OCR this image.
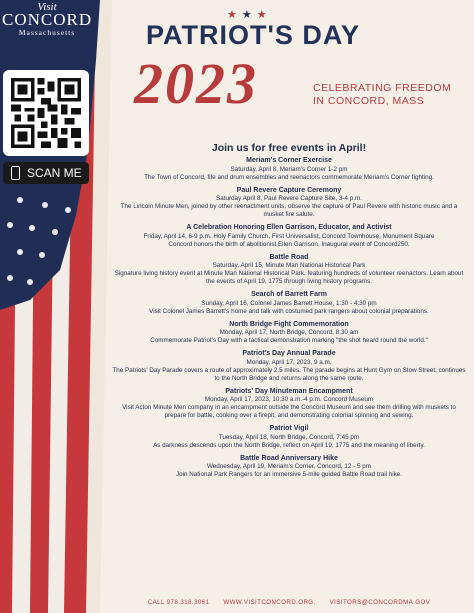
Visit
CONCORD
Massachusetts
SCAN ME
★ ★ ★
PATRIOT'S DAY
2023	CELEBRATING FREEDOM
IN CONCORD, MASS
Join us for free events in April!
Meriam's Corner Exercise
Saturday, April 8, Meriam's Corner 1-2 pm
The Town of Concord, fife and drum ensembles and reenactors commemorate Meriam's Corner fighting.
Paul Revere Capture Ceremony
Saturday April 8, Paul Revere Capture Site, 3-4 p.m.
The Lincoln Minute Men, joined by other reenactment units, observe the capture of Paul Revere with historic music and a musket fire salute.
A Celebration Honoring Ellen Garrison, Educator, and Activist
Friday, April 14, 6-9 p.m. Holy Family Church, First Universalist, Concord Townhouse, Monument Square
Concord honors the birth of abolitionist Ellen Garrison. Inaugural event of Concord250.
Battle Road
Saturday, April 15, Minute Man National Historical Park
Signature living history event at Minute Man National Historical Park, featuring hundreds of volunteer reenactors. Learn about the events of April 19, 1775 through living history programs.
Search of Barrett Farm
Sunday, April 16, Colonel James Barrett House, 1:30 - 4:30 pm
Visit Colonel James Barrett's home and talk with costumed park rangers about colonial preparations.
North Bridge Fight Commemoration
Monday, April 17, North Bridge, Concord, 8:30 am
Commemorate Patriot's Day with a tactical demonstration marking "the shot heard round the world."
Patriot's Day Annual Parade
Monday, April 17, 2023, 9 a.m.
The Patriots' Day Parade covers a route of approximately 2.5 miles. The parade begins at Hunt Gym on Stow Street, continues to the North Bridge and returns along the same route.
Patriots' Day Minuteman Encampment
Monday, April 17, 2023, 10:30 a.m.-4 p.m. Concord Museum
Visit Acton Minute Men company in an encampment outside the Concord Museum and see them drilling with muskets to prepare for battle, cooking over a firepit, and demonstrating colonial spinning and sewing.
Patriot Vigil
Tuesday, April 18, North Bridge, Concord, 7:45 pm
As darkness descends upon the North Bridge, reflect on April 19, 1775 and the meaning of liberty.
Battle Road Anniversary Hike
Wednesday, April 19, Meriam's Corner, Concord, 12 - 5 pm
Join National Park Rangers for an immersive 5-mile guided Battle Road trail hike.
CALL 978.318.3061 WWW.VISITCONCORD.ORG. VISITORS@CONCORDMA.GOV
